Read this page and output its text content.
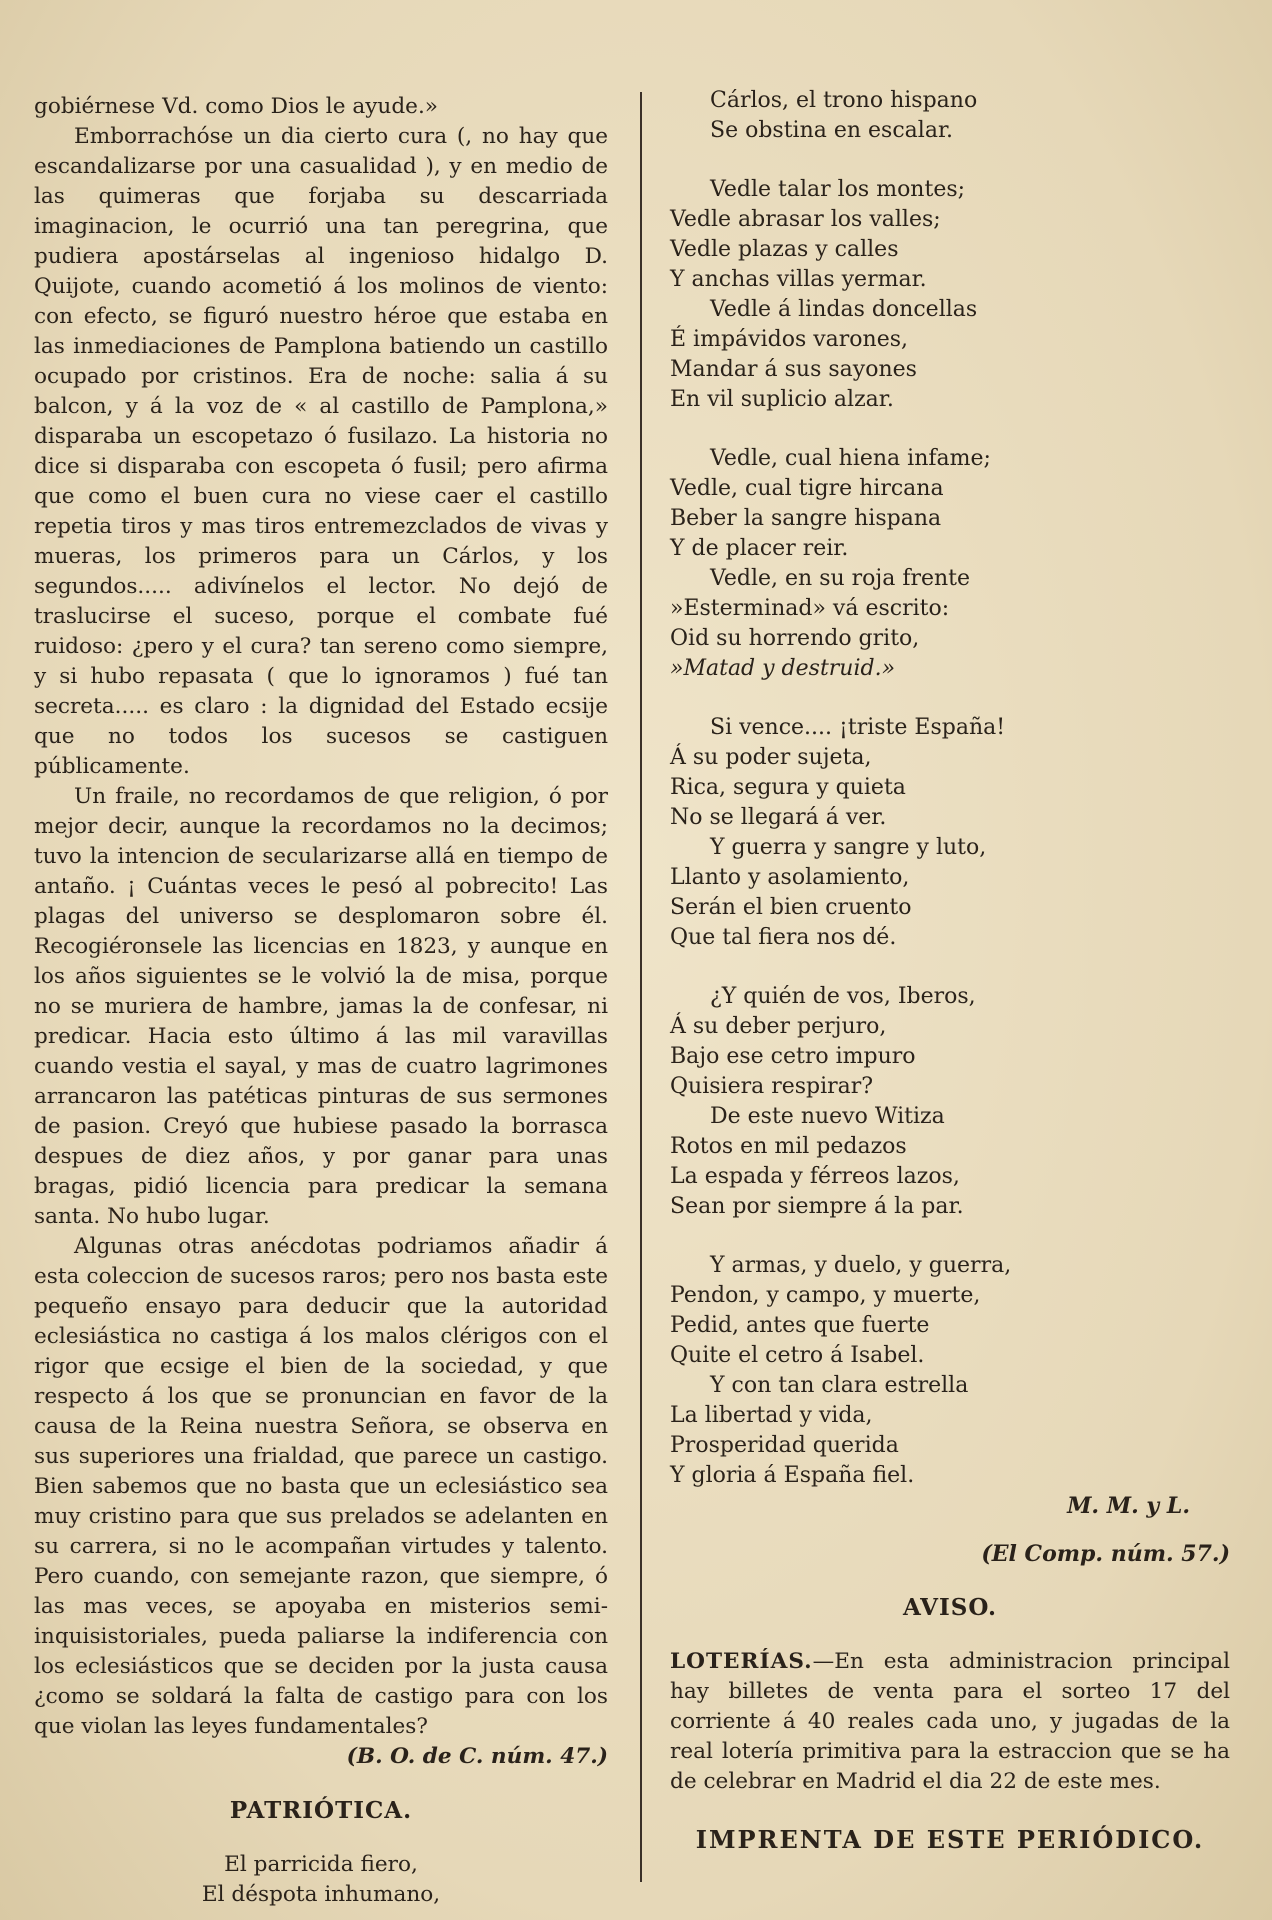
gobiérnese Vd. como Dios le ayude.»

Emborrachóse un dia cierto cura (, no hay que escandalizarse por una casualidad ), y en medio de las quimeras que forjaba su descarriada imaginacion, le ocurrió una tan peregrina, que pudiera apostárselas al ingenioso hidalgo D. Quijote, cuando acometió á los molinos de viento: con efecto, se figuró nuestro héroe que estaba en las inmediaciones de Pamplona batiendo un castillo ocupado por cristinos. Era de noche: salia á su balcon, y á la voz de « al castillo de Pamplona,» disparaba un escopetazo ó fusilazo. La historia no dice si disparaba con escopeta ó fusil; pero afirma que como el buen cura no viese caer el castillo repetia tiros y mas tiros entremezclados de vivas y mueras, los primeros para un Cárlos, y los segundos..... adivínelos el lector. No dejó de traslucirse el suceso, porque el combate fué ruidoso: ¿pero y el cura? tan sereno como siempre, y si hubo repasata ( que lo ignoramos ) fué tan secreta..... es claro : la dignidad del Estado ecsije que no todos los sucesos se castiguen públicamente.

Un fraile, no recordamos de que religion, ó por mejor decir, aunque la recordamos no la decimos; tuvo la intencion de secularizarse allá en tiempo de antaño. ¡ Cuántas veces le pesó al pobrecito! Las plagas del universo se desplomaron sobre él. Recogiéronsele las licencias en 1823, y aunque en los años siguientes se le volvió la de misa, porque no se muriera de hambre, jamas la de confesar, ni predicar. Hacia esto último á las mil varavillas cuando vestia el sayal, y mas de cuatro lagrimones arrancaron las patéticas pinturas de sus sermones de pasion. Creyó que hubiese pasado la borrasca despues de diez años, y por ganar para unas bragas, pidió licencia para predicar la semana santa. No hubo lugar.

Algunas otras anécdotas podriamos añadir á esta coleccion de sucesos raros; pero nos basta este pequeño ensayo para deducir que la autoridad eclesiástica no castiga á los malos clérigos con el rigor que ecsige el bien de la sociedad, y que respecto á los que se pronuncian en favor de la causa de la Reina nuestra Señora, se observa en sus superiores una frialdad, que parece un castigo. Bien sabemos que no basta que un eclesiástico sea muy cristino para que sus prelados se adelanten en su carrera, si no le acompañan virtudes y talento. Pero cuando, con semejante razon, que siempre, ó las mas veces, se apoyaba en misterios semi-inquisistoriales, pueda paliarse la indiferencia con los eclesiásticos que se deciden por la justa causa ¿como se soldará la falta de castigo para con los que violan las leyes fundamentales?

(B. O. de C. núm. 47.)

PATRIÓTICA.

El parricida fiero,

El déspota inhumano,

Cárlos, el trono hispano
Se obstina en escalar.
Vedle talar los montes;
Vedle abrasar los valles;
Vedle plazas y calles
Y anchas villas yermar.
Vedle á lindas doncellas
É impávidos varones,
Mandar á sus sayones
En vil suplicio alzar.
Vedle, cual hiena infame;
Vedle, cual tigre hircana
Beber la sangre hispana
Y de placer reir.
Vedle, en su roja frente
»Esterminad» vá escrito:
Oid su horrendo grito,
»Matad y destruid.»
Si vence.... ¡triste España!
Á su poder sujeta,
Rica, segura y quieta
No se llegará á ver.
Y guerra y sangre y luto,
Llanto y asolamiento,
Serán el bien cruento
Que tal fiera nos dé.
¿Y quién de vos, Iberos,
Á su deber perjuro,
Bajo ese cetro impuro
Quisiera respirar?
De este nuevo Witiza
Rotos en mil pedazos
La espada y férreos lazos,
Sean por siempre á la par.
Y armas, y duelo, y guerra,
Pendon, y campo, y muerte,
Pedid, antes que fuerte
Quite el cetro á Isabel.
Y con tan clara estrella
La libertad y vida,
Prosperidad querida
Y gloria á España fiel.
M. M. y L.
(El Comp. núm. 57.)
AVISO.
LOTERÍAS.—En esta administracion principal hay billetes de venta para el sorteo 17 del corriente á 40 reales cada uno, y jugadas de la real lotería primitiva para la estraccion que se ha de celebrar en Madrid el dia 22 de este mes.
IMPRENTA DE ESTE PERIÓDICO.
